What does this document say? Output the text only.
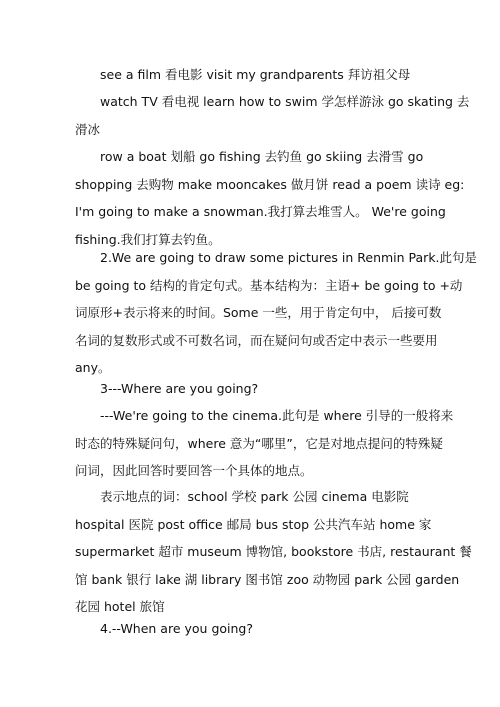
see a film 看电影 visit my grandparents 拜访祖父母

watch TV 看电视 learn how to swim 学怎样游泳 go skating 去
滑冰

row a boat 划船 go fishing 去钓鱼 go skiing 去滑雪 go
shopping 去购物 make mooncakes 做月饼 read a poem 读诗 eg:
I'm going to make a snowman.我打算去堆雪人。 We're going
fishing.我们打算去钓鱼。

2.We are going to draw some pictures in Renmin Park.此句是
be going to 结构的肯定句式。基本结构为：主语+ be going to +动
词原形+表示将来的时间。Some 一些，用于肯定句中， 后接可数
名词的复数形式或不可数名词，而在疑问句或否定中表示一些要用
any。

3---Where are you going?

---We're going to the cinema.此句是 where 引导的一般将来
时态的特殊疑问句，where 意为“哪里”，它是对地点提问的特殊疑
问词，因此回答时要回答一个具体的地点。

表示地点的词：school 学校 park 公园 cinema 电影院
hospital 医院 post office 邮局 bus stop 公共汽车站 home 家
supermarket 超市 museum 博物馆, bookstore 书店, restaurant 餐
馆 bank 银行 lake 湖 library 图书馆 zoo 动物园 park 公园 garden
花园 hotel 旅馆

4.--When are you going?
